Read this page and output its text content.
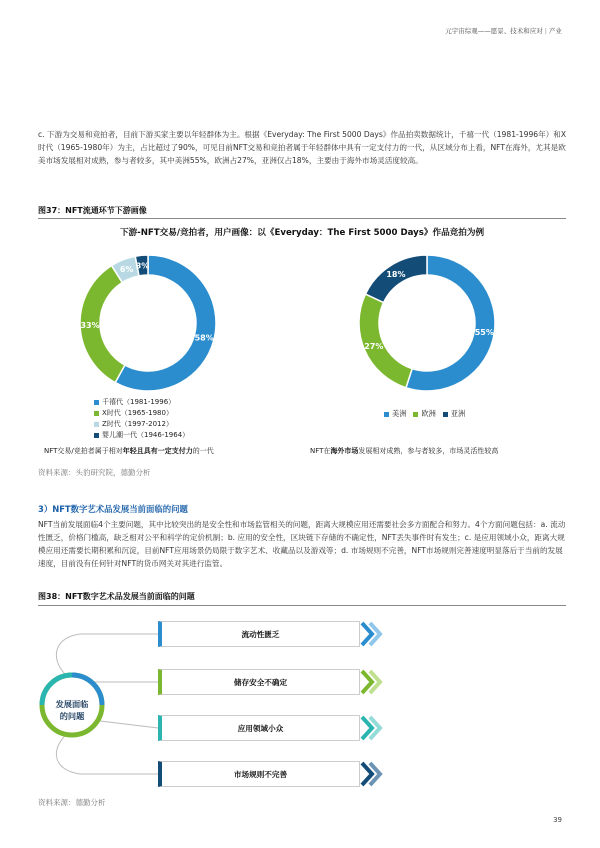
元宇宙综观——愿景、技术和应对 | 产业
c. 下游为交易和竞拍者，目前下游买家主要以年轻群体为主。根据《Everyday: The First 5000 Days》作品拍卖数据统计，千禧一代（1981-1996年）和X时代（1965-1980年）为主，占比超过了90%，可见目前NFT交易和竞拍者属于年轻群体中具有一定支付力的一代，从区域分布上看，NFT在海外，尤其是欧美市场发展相对成熟，参与者较多，其中美洲55%，欧洲占27%，亚洲仅占18%，主要由于海外市场灵活度较高。
图37：NFT流通环节下游画像
下游-NFT交易/竞拍者，用户画像：以《Everyday：The First 5000 Days》作品竞拍为例
58%
33%
6% 3%
55%
27%
18%
千禧代（1981-1996）
X时代（1965-1980）
Z时代（1997-2012）
婴儿潮一代（1946-1964）
美洲 欧洲 亚洲
NFT交易/竞拍者属于相对年轻且具有一定支付力的一代	NFT在海外市场发展相对成熟，参与者较多，市场灵活性较高
资料来源：头豹研究院，德勤分析
3）NFT数字艺术品发展当前面临的问题
NFT当前发展面临4个主要问题，其中比较突出的是安全性和市场监管相关的问题，距离大规模应用还需要社会多方面配合和努力。4个方面问题包括：a. 流动性匮乏，价格门槛高，缺乏相对公平和科学的定价机制；b. 应用的安全性，区块链下存储的不确定性，NFT丢失事件时有发生；c. 是应用领域小众，距离大规模应用还需要长期积累和沉淀，目前NFT应用场景仍局限于数字艺术、收藏品以及游戏等；d. 市场规则不完善，NFT市场规则完善速度明显落后于当前的发展速度，目前没有任何针对NFT的货币网关对其进行监管。
图38：NFT数字艺术品发展当前面临的问题
发展面临
的问题
流动性匮乏
储存安全不确定
应用领域小众
市场规则不完善
资料来源：德勤分析
39
